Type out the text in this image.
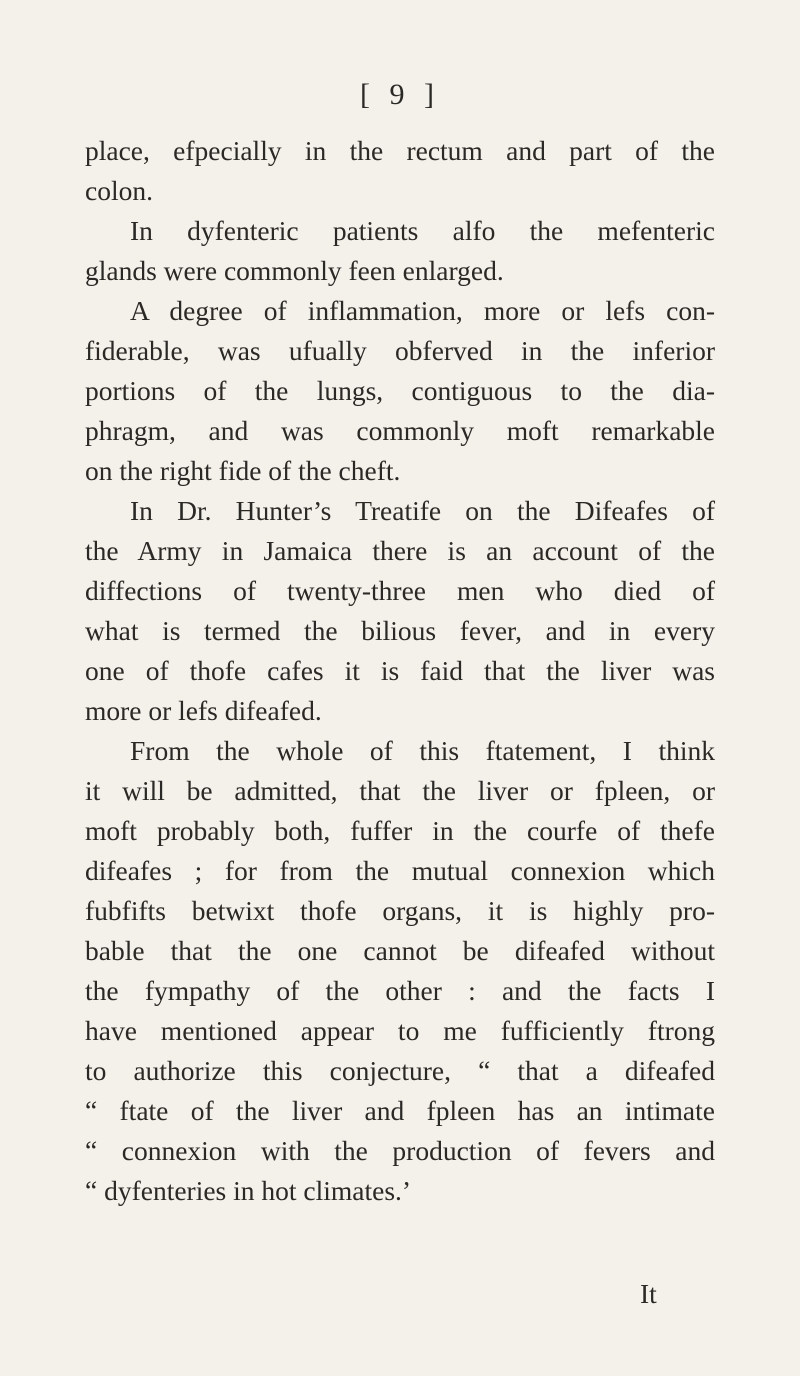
[ 9 ]
place, efpecially in the rectum and part of the
colon.
In dyfenteric patients alfo the mefenteric
glands were commonly feen enlarged.
A degree of inflammation, more or lefs con-
fiderable, was ufually obferved in the inferior
portions of the lungs, contiguous to the dia-
phragm, and was commonly moft remarkable
on the right fide of the cheft.
In Dr. Hunter’s Treatife on the Difeafes of
the Army in Jamaica there is an account of the
diffections of twenty-three men who died of
what is termed the bilious fever, and in every
one of thofe cafes it is faid that the liver was
more or lefs difeafed.
From the whole of this ftatement, I think
it will be admitted, that the liver or fpleen, or
moft probably both, fuffer in the courfe of thefe
difeafes ; for from the mutual connexion which
fubfifts betwixt thofe organs, it is highly pro-
bable that the one cannot be difeafed without
the fympathy of the other : and the facts I
have mentioned appear to me fufficiently ftrong
to authorize this conjecture, “ that a difeafed
“ ftate of the liver and fpleen has an intimate
“ connexion with the production of fevers and
“ dyfenteries in hot climates.’
It
